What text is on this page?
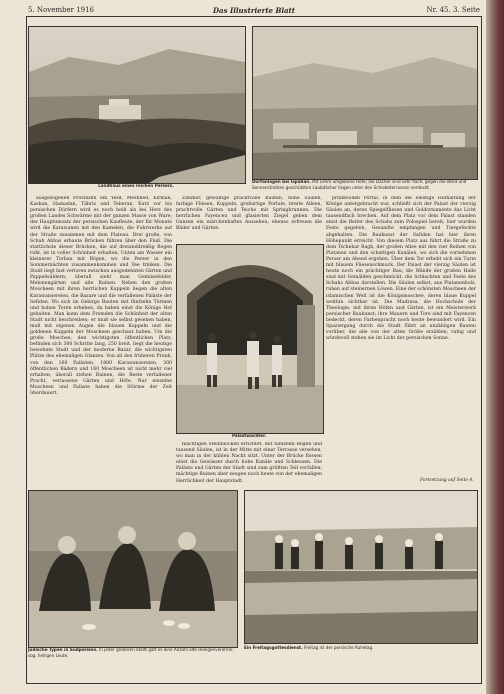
5. November 1916	Das Illustrierte Blatt	Nr. 45. 3. Seite
Landhaus eines reichen Persers.
Dorfanlagen bei Ispahan. Mit Lehm umgebene Höfe; die Dächer sind sehr flach, gegen die Wind und Sonnenstrahlen geschützten Laubdächer liegen unter den Schiebeterrassen verdeckt.

ausgezogenen Provinzen um Yezd, Meshhed, Kirman, Kashan, Hamadan, Täbris und Teheran. Kurz vor bis persischen Dörfern wird es noch heiß als bei Herz des großen Landes Schwärme mit der ganzen Masse von Ware; der Hauptumsatz der persischen Kaufleute, der für Monate wird die Karawanen mit den Kamelen, die Fuhrwerke auf der Straße zusammen mit dem Plateau. Drei große, von Schah Abbas erbaute Brücken führen über den Fluß. Die stattlichste dieser Brücken, die auf dreiunddreißig Bogen ruht, ist in voller Schönheit erhalten. Unten am Wasser ein kleinerer Torbau mit Bögen, wo die Perser in den Sommernächten zusammenkommen und Tee trinken. Die Stadt liegt fast verloren zwischen ausgedehnten Gärten und Pappelwäldern; überall sieht man Gemüsefelder, Melonengärten und alte Ruinen. Neben den großen Moscheen mit ihren herrlichen Kuppeln liegen die alten Karawansereien, die Bazare und die verfallenen Paläste der Sefiden. Wo sich im Gebirge Bauten mit fünfzehn Türmen und hohen Toren erheben, da haben einst die Könige Hof gehalten. Man kann dem Fremden die Schönheit der alten Stadt nicht beschreiben; er muß sie selbst gesehen haben, muß mit eigenen Augen die blauen Kuppeln und die goldenen Kuppeln der Moscheen geschaut haben. Um die große Moschee, den wichtigsten öffentlichen Platz, befinden sich 300 Schritte lang, 250 breit, liegt die heutige bewohnte Stadt und der moderne Bazar, die wichtigsten Plätze des ehemaligen Glanzes. Von all den früheren Prunk, von den 160 Palästen, 1800 Karawansereien, 300 öffentlichen Bädern und 160 Moscheen ist nicht mehr viel erhalten; überall stehen Ruinen, die Reste verfallener Pracht, verlassene Gärten und Höfe. Nur einzelne Moscheen und Paläste haben die Stürme der Zeit überdauert.

Zimmer, gewaltige prachtvolle Bauten, hohe Säulen, farbige Fliesen, Kuppeln, großartige Portale, breite Alleen, prachtvolle Gärten und Teiche mit Springbrunnen. Die herrlichen Fayencen und glasierten Ziegel geben dem Ganzen ein märchenhaftes Aussehen; ebenso erfreuen die Bäder und Gärten.

Palastwächter.

mächtigen Steinblöcken errichtet, mit fünfzehn Bogen und tausend Säulen, ist in der Mitte mit einer Terrasse versehen, wo man in der kühlen Nacht sitzt. Unter der Brücke flossen einst die Gewässer durch hohe Kanäle und Schleusen. Die Paläste und Gärten der Stadt sind zum größten Teil verfallen; mächtige Ruinen aber zeugen noch heute von der ehemaligen Herrlichkeit der Hauptstadt.

prunkvollen Portal, in dem die einstige Hofhaltung der Könige untergebracht war, schließt sich der Palast der vierzig Säulen an, deren Spiegelfliesen und Goldornamente das Licht tausendfach brechen. Auf dem Platz vor dem Palast standen einst die Reiter des Schahs zum Polospiel bereit; hier wurden Feste gegeben, Gesandte empfangen und Tiergefechte abgehalten. Die Baukunst der Safiden hat hier ihren Höhepunkt erreicht. Von diesem Platz aus führt die Straße zu dem Tschehar Bagh, der großen Allee mit den vier Reihen von Platanen und den schattigen Kanälen, wo sich die vornehmen Perser am Abend ergehen. Über dem Tor erhebt sich ein Turm mit blauem Fliesenschmuck. Der Palast der vierzig Säulen ist heute noch ein prächtiger Bau; die Wände der großen Halle sind mit Gemälden geschmückt, die Schlachten und Feste des Schahs Abbas darstellen. Die Säulen selbst, aus Platanenholz, ruhen auf steinernen Löwen. Eine der schönsten Moscheen der islamischen Welt ist die Königsmoschee, deren blaue Kuppel weithin sichtbar ist. Die Madrasa, die Hochschule der Theologie, mit ihren Höfen und Gärten, ist ein Meisterwerk persischer Baukunst; ihre Mauern und Tore sind mit Fayencen bedeckt, deren Farbenpracht noch heute bewundert wird. Ein Spaziergang durch die Stadt führt an unzähligen Bauten vorüber, die alle von der alten Größe erzählen; ruhig und würdevoll stehen sie im Licht der persischen Sonne.

Fortsetzung auf Seite 4.
Jüdische Typen in Südpersien. In jeder größeren Stadt gibt es eine Anzahl alte Heiligenverehrer, sog. heiligen Leute.
Ein Freitagsgottesdienst. Freitag ist der persische Ruhetag.
